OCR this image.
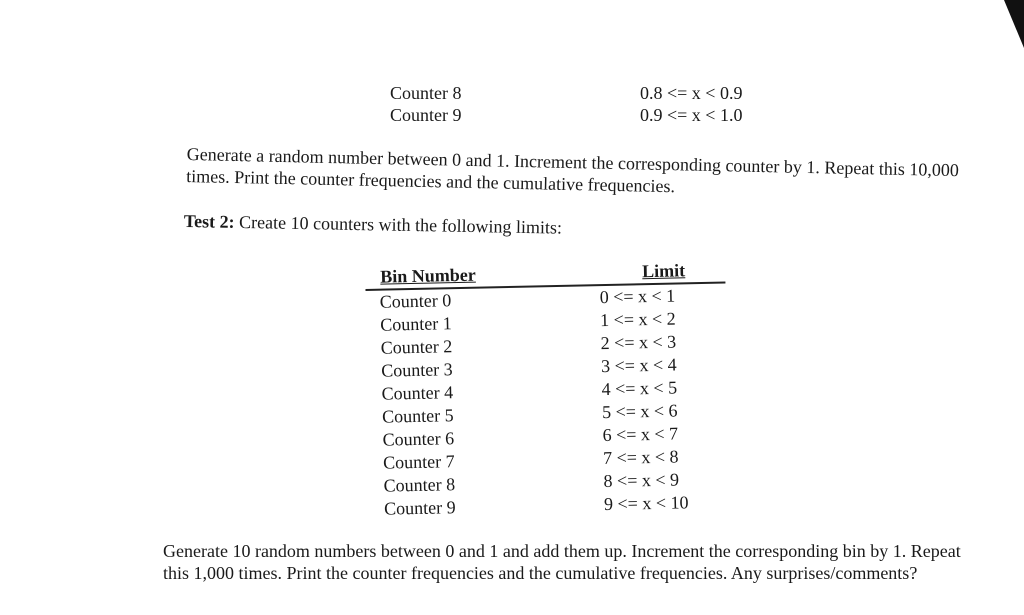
Counter 8	0.8 <= x < 0.9
Counter 9	0.9 <= x < 1.0
Generate a random number between 0 and 1. Increment the corresponding counter by 1. Repeat this 10,000 times. Print the counter frequencies and the cumulative frequencies.
Test 2: Create 10 counters with the following limits:
Bin Number	Limit
Counter 0	0 <= x < 1
Counter 1	1 <= x < 2
Counter 2	2 <= x < 3
Counter 3	3 <= x < 4
Counter 4	4 <= x < 5
Counter 5	5 <= x < 6
Counter 6	6 <= x < 7
Counter 7	7 <= x < 8
Counter 8	8 <= x < 9
Counter 9	9 <= x < 10
Generate 10 random numbers between 0 and 1 and add them up. Increment the corresponding bin by 1. Repeat this 1,000 times. Print the counter frequencies and the cumulative frequencies. Any surprises/comments?
